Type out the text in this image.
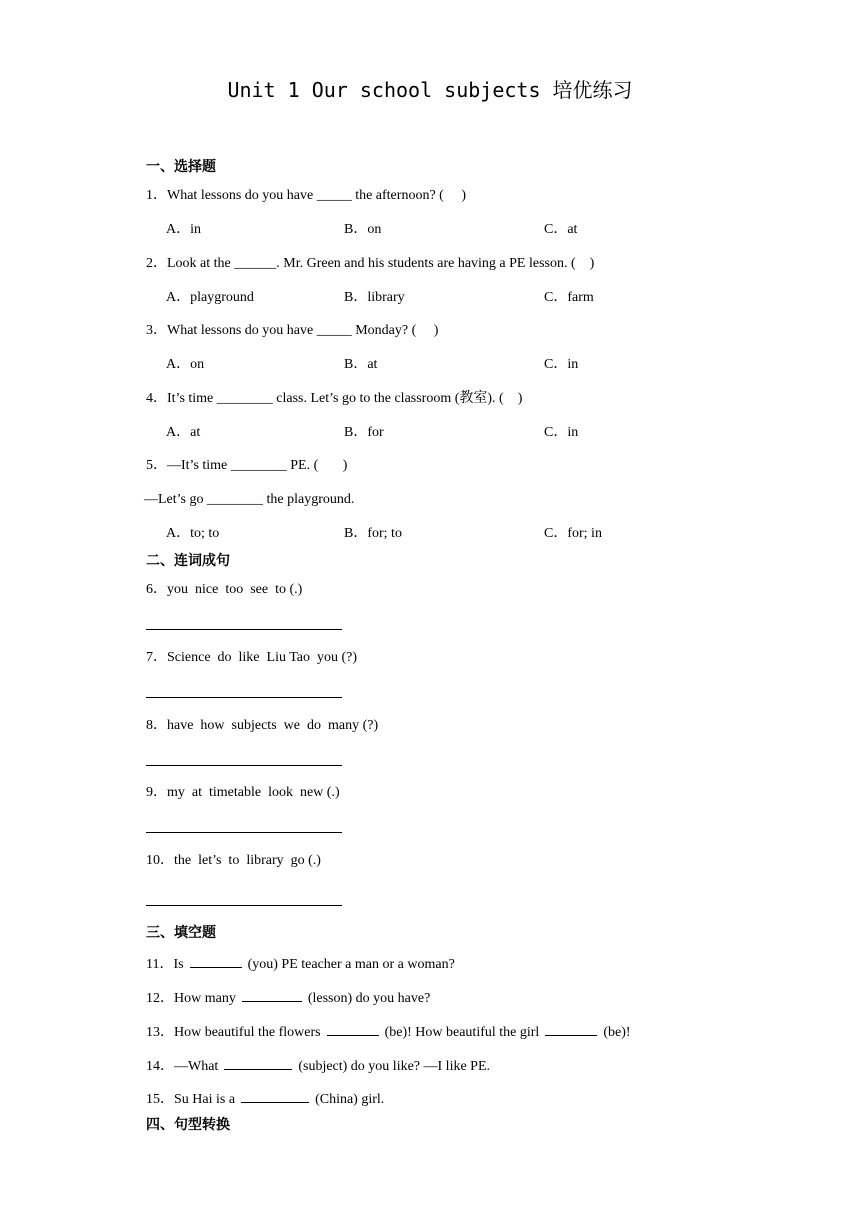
Unit 1 Our school subjects 培优练习
一、选择题
1．What lessons do you have _____ the afternoon? (     )
A．in	B．on	C．at
2．Look at the ______. Mr. Green and his students are having a PE lesson. (    )
A．playground	B．library	C．farm
3．What lessons do you have _____ Monday? (     )
A．on	B．at	C．in
4．It’s time ________ class. Let’s go to the classroom (教室). (    )
A．at	B．for	C．in
5．—It’s time ________ PE. (       )
—Let’s go ________ the playground.
A．to; to	B．for; to	C．for; in
二、连词成句
6．you  nice  too  see  to (.)
7．Science  do  like  Liu Tao  you (?)
8．have  how  subjects  we  do  many (?)
9．my  at  timetable  look  new (.)
10．the  let’s  to  library  go (.)
三、填空题
11．Is	(you) PE teacher a man or a woman?
12．How many	(lesson) do you have?
13．How beautiful the flowers	(be)! How beautiful the girl	(be)!
14．—What	(subject) do you like? —I like PE.
15．Su Hai is a	(China) girl.
四、句型转换
